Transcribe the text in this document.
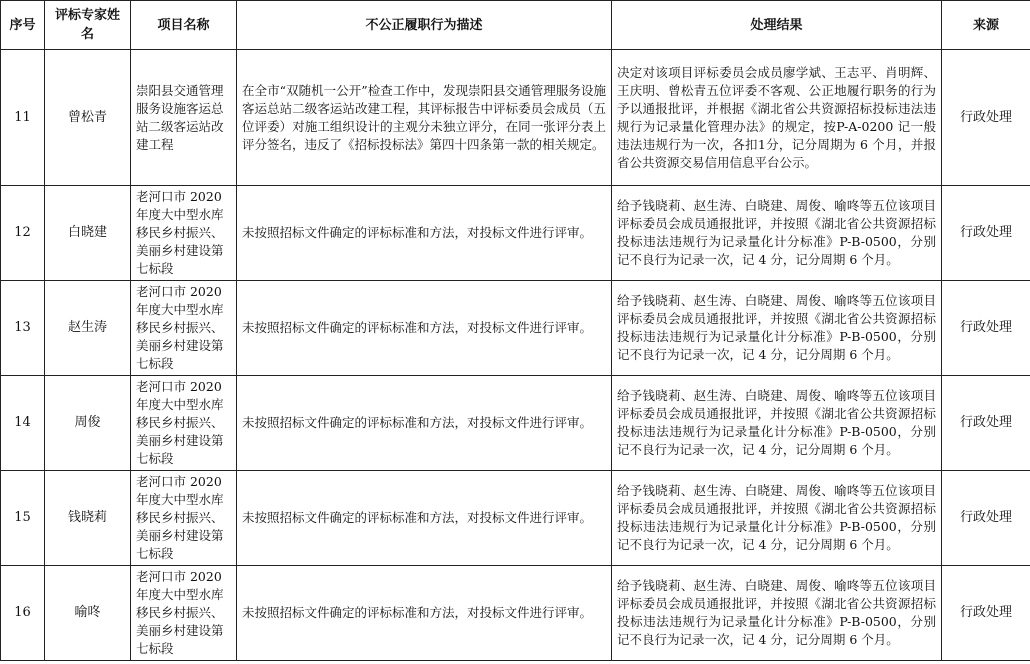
序号	评标专家姓名	项目名称	不公正履职行为描述	处理结果	来源
11	曾松青	崇阳县交通管理服务设施客运总站二级客运站改建工程	在全市“双随机一公开”检查工作中，发现崇阳县交通管理服务设施客运总站二级客运站改建工程，其评标报告中评标委员会成员（五位评委）对施工组织设计的主观分未独立评分，在同一张评分表上评分签名，违反了《招标投标法》第四十四条第一款的相关规定。	决定对该项目评标委员会成员廖学斌、王志平、肖明辉、王庆明、曾松青五位评委不客观、公正地履行职务的行为予以通报批评，并根据《湖北省公共资源招标投标违法违规行为记录量化管理办法》的规定，按P-A-0200 记一般违法违规行为一次，各扣1分，记分周期为 6 个月，并报省公共资源交易信用信息平台公示。	行政处理
12	白晓建	老河口市 2020 年度大中型水库移民乡村振兴、美丽乡村建设第七标段	未按照招标文件确定的评标标准和方法，对投标文件进行评审。	给予钱晓莉、赵生涛、白晓建、周俊、喻咚等五位该项目评标委员会成员通报批评，并按照《湖北省公共资源招标投标违法违规行为记录量化计分标准》P-B-0500，分别记不良行为记录一次，记 4 分，记分周期 6 个月。	行政处理
13	赵生涛	老河口市 2020 年度大中型水库移民乡村振兴、美丽乡村建设第七标段	未按照招标文件确定的评标标准和方法，对投标文件进行评审。	给予钱晓莉、赵生涛、白晓建、周俊、喻咚等五位该项目评标委员会成员通报批评，并按照《湖北省公共资源招标投标违法违规行为记录量化计分标准》P-B-0500，分别记不良行为记录一次，记 4 分，记分周期 6 个月。	行政处理
14	周俊	老河口市 2020 年度大中型水库移民乡村振兴、美丽乡村建设第七标段	未按照招标文件确定的评标标准和方法，对投标文件进行评审。	给予钱晓莉、赵生涛、白晓建、周俊、喻咚等五位该项目评标委员会成员通报批评，并按照《湖北省公共资源招标投标违法违规行为记录量化计分标准》P-B-0500，分别记不良行为记录一次，记 4 分，记分周期 6 个月。	行政处理
15	钱晓莉	老河口市 2020 年度大中型水库移民乡村振兴、美丽乡村建设第七标段	未按照招标文件确定的评标标准和方法，对投标文件进行评审。	给予钱晓莉、赵生涛、白晓建、周俊、喻咚等五位该项目评标委员会成员通报批评，并按照《湖北省公共资源招标投标违法违规行为记录量化计分标准》P-B-0500，分别记不良行为记录一次，记 4 分，记分周期 6 个月。	行政处理
16	喻咚	老河口市 2020 年度大中型水库移民乡村振兴、美丽乡村建设第七标段	未按照招标文件确定的评标标准和方法，对投标文件进行评审。	给予钱晓莉、赵生涛、白晓建、周俊、喻咚等五位该项目评标委员会成员通报批评，并按照《湖北省公共资源招标投标违法违规行为记录量化计分标准》P-B-0500，分别记不良行为记录一次，记 4 分，记分周期 6 个月。	行政处理
